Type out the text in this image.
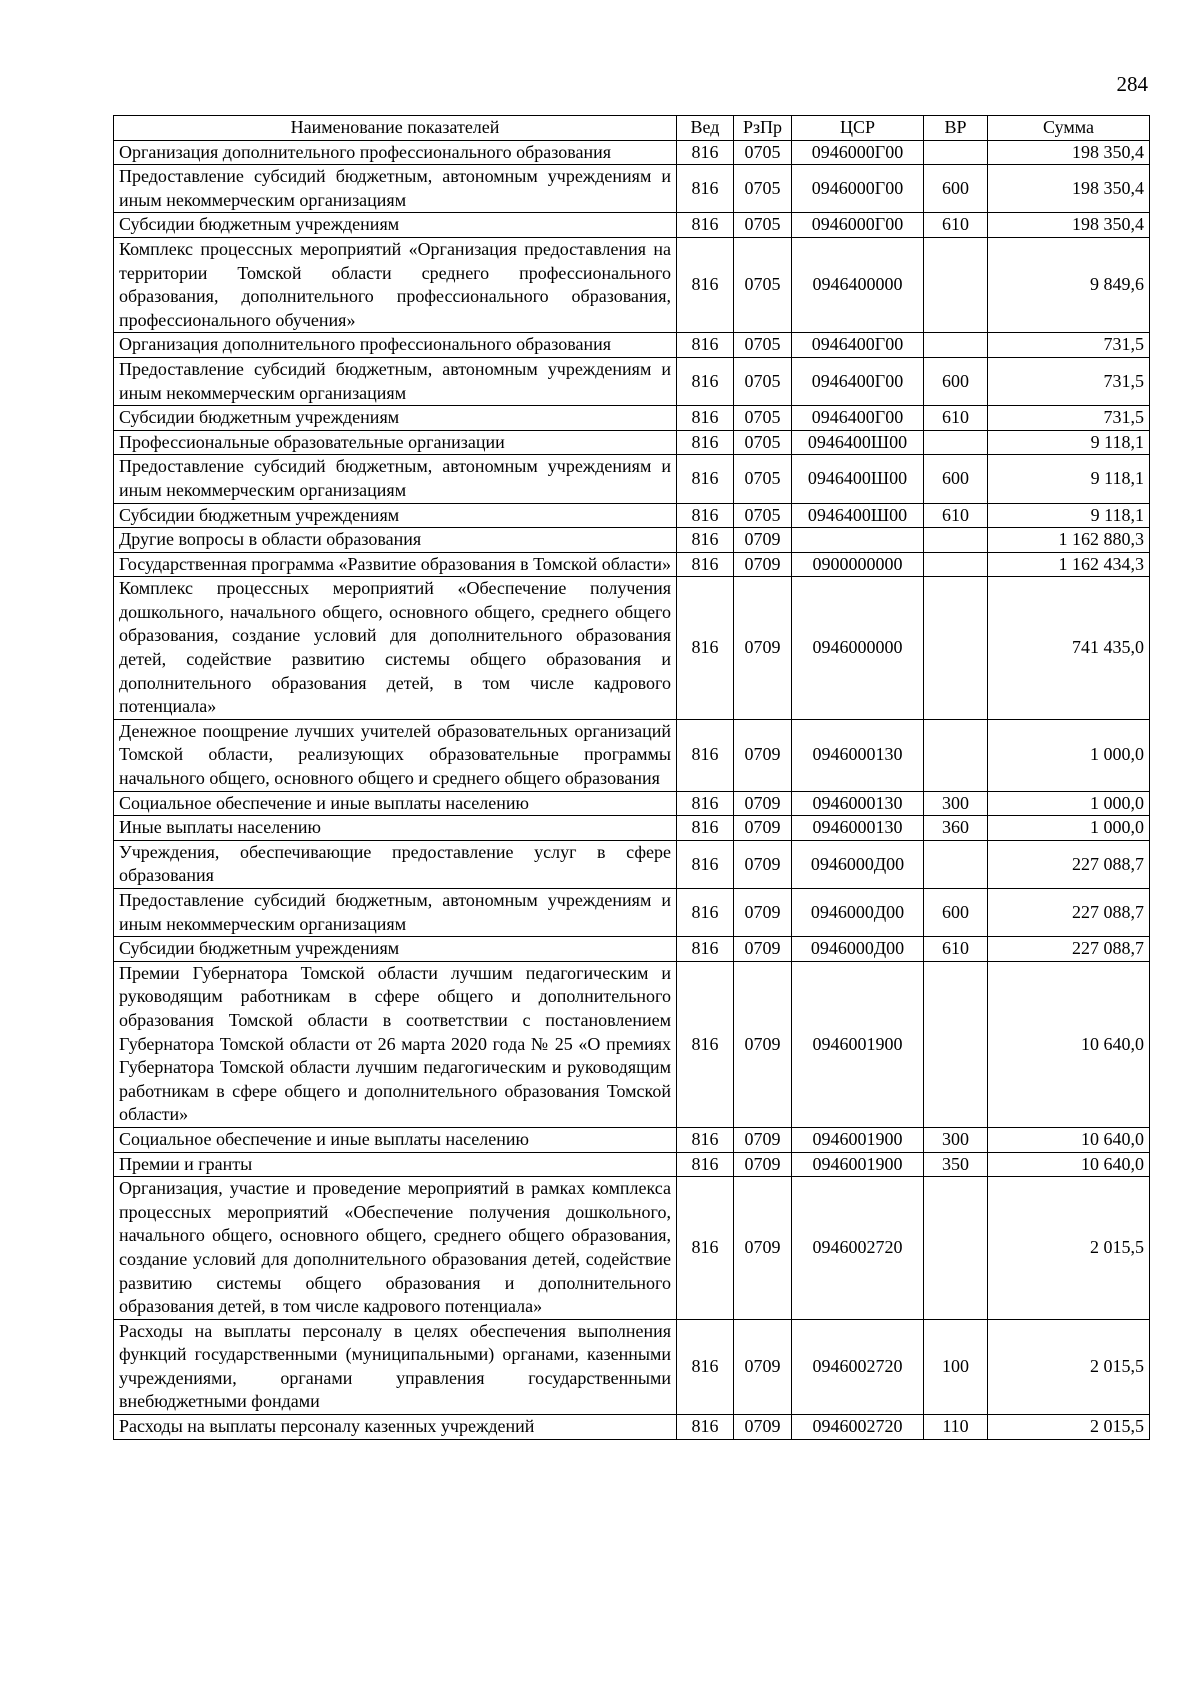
284
Наименование показателей	Вед	РзПр	ЦСР	ВР	Сумма
Организация дополнительного профессионального образования	816	0705	0946000Г00		198 350,4
Предоставление субсидий бюджетным, автономным учреждениям и иным некоммерческим организациям	816	0705	0946000Г00	600	198 350,4
Субсидии бюджетным учреждениям	816	0705	0946000Г00	610	198 350,4
Комплекс процессных мероприятий «Организация предоставления на территории Томской области среднего профессионального образования, дополнительного профессионального образования, профессионального обучения»	816	0705	0946400000		9 849,6
Организация дополнительного профессионального образования	816	0705	0946400Г00		731,5
Предоставление субсидий бюджетным, автономным учреждениям и иным некоммерческим организациям	816	0705	0946400Г00	600	731,5
Субсидии бюджетным учреждениям	816	0705	0946400Г00	610	731,5
Профессиональные образовательные организации	816	0705	0946400Ш00		9 118,1
Предоставление субсидий бюджетным, автономным учреждениям и иным некоммерческим организациям	816	0705	0946400Ш00	600	9 118,1
Субсидии бюджетным учреждениям	816	0705	0946400Ш00	610	9 118,1
Другие вопросы в области образования	816	0709			1 162 880,3
Государственная программа «Развитие образования в Томской области»	816	0709	0900000000		1 162 434,3
Комплекс процессных мероприятий «Обеспечение получения дошкольного, начального общего, основного общего, среднего общего образования, создание условий для дополнительного образования детей, содействие развитию системы общего образования и дополнительного образования детей, в том числе кадрового потенциала»	816	0709	0946000000		741 435,0
Денежное поощрение лучших учителей образовательных организаций Томской области, реализующих образовательные программы начального общего, основного общего и среднего общего образования	816	0709	0946000130		1 000,0
Социальное обеспечение и иные выплаты населению	816	0709	0946000130	300	1 000,0
Иные выплаты населению	816	0709	0946000130	360	1 000,0
Учреждения, обеспечивающие предоставление услуг в сфере образования	816	0709	0946000Д00		227 088,7
Предоставление субсидий бюджетным, автономным учреждениям и иным некоммерческим организациям	816	0709	0946000Д00	600	227 088,7
Субсидии бюджетным учреждениям	816	0709	0946000Д00	610	227 088,7
Премии Губернатора Томской области лучшим педагогическим и руководящим работникам в сфере общего и дополнительного образования Томской области в соответствии с постановлением Губернатора Томской области от 26 марта 2020 года № 25 «О премиях Губернатора Томской области лучшим педагогическим и руководящим работникам в сфере общего и дополнительного образования Томской области»	816	0709	0946001900		10 640,0
Социальное обеспечение и иные выплаты населению	816	0709	0946001900	300	10 640,0
Премии и гранты	816	0709	0946001900	350	10 640,0
Организация, участие и проведение мероприятий в рамках комплекса процессных мероприятий «Обеспечение получения дошкольного, начального общего, основного общего, среднего общего образования, создание условий для дополнительного образования детей, содействие развитию системы общего образования и дополнительного образования детей, в том числе кадрового потенциала»	816	0709	0946002720		2 015,5
Расходы на выплаты персоналу в целях обеспечения выполнения функций государственными (муниципальными) органами, казенными учреждениями, органами управления государственными внебюджетными фондами	816	0709	0946002720	100	2 015,5
Расходы на выплаты персоналу казенных учреждений	816	0709	0946002720	110	2 015,5
